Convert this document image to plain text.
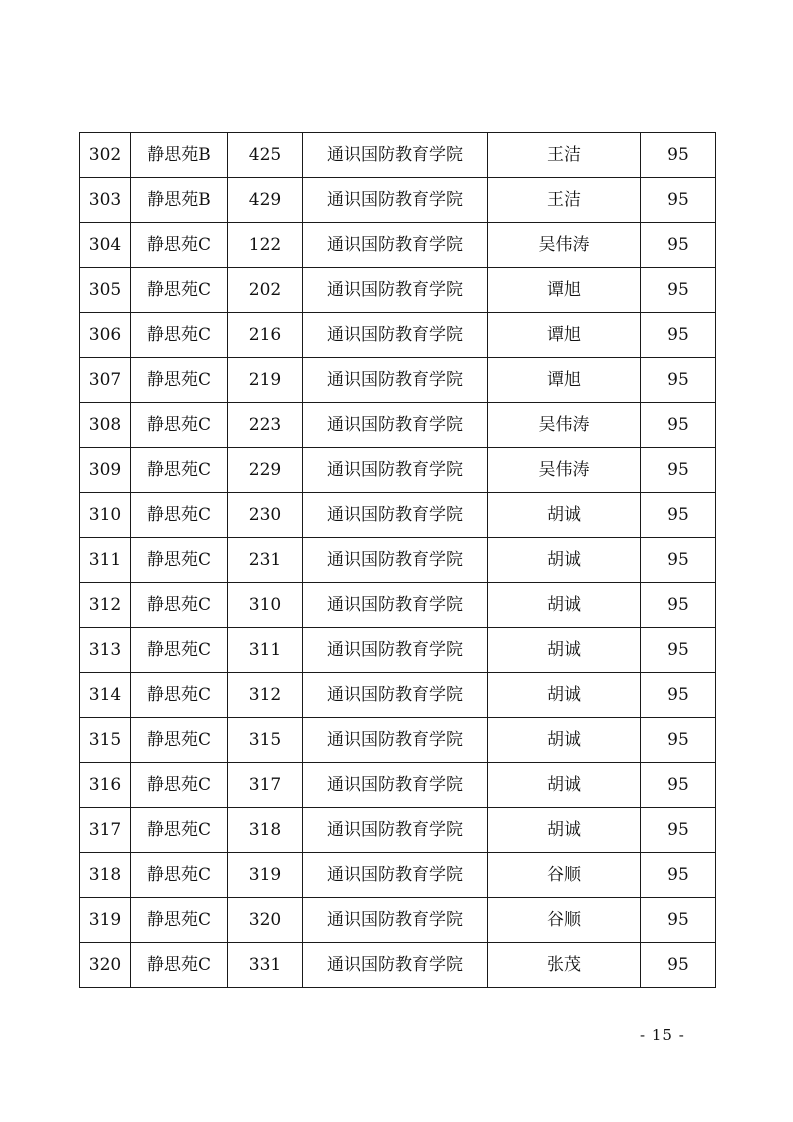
302	静思苑B	425	通识国防教育学院	王洁	95
303	静思苑B	429	通识国防教育学院	王洁	95
304	静思苑C	122	通识国防教育学院	吴伟涛	95
305	静思苑C	202	通识国防教育学院	谭旭	95
306	静思苑C	216	通识国防教育学院	谭旭	95
307	静思苑C	219	通识国防教育学院	谭旭	95
308	静思苑C	223	通识国防教育学院	吴伟涛	95
309	静思苑C	229	通识国防教育学院	吴伟涛	95
310	静思苑C	230	通识国防教育学院	胡诚	95
311	静思苑C	231	通识国防教育学院	胡诚	95
312	静思苑C	310	通识国防教育学院	胡诚	95
313	静思苑C	311	通识国防教育学院	胡诚	95
314	静思苑C	312	通识国防教育学院	胡诚	95
315	静思苑C	315	通识国防教育学院	胡诚	95
316	静思苑C	317	通识国防教育学院	胡诚	95
317	静思苑C	318	通识国防教育学院	胡诚	95
318	静思苑C	319	通识国防教育学院	谷顺	95
319	静思苑C	320	通识国防教育学院	谷顺	95
320	静思苑C	331	通识国防教育学院	张茂	95
- 15 -
